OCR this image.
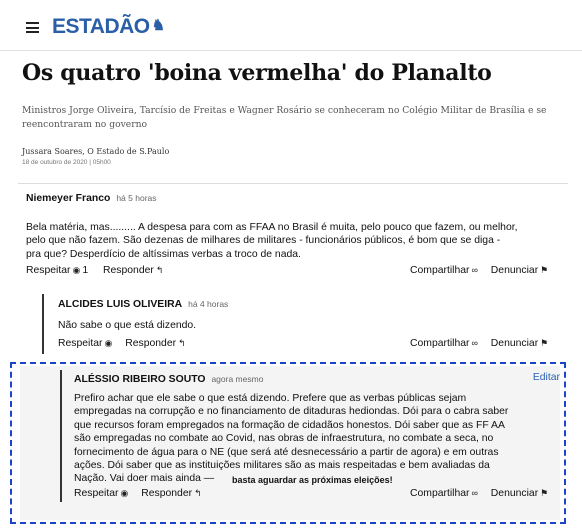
ESTADÃO ♞
Os quatro 'boina vermelha' do Planalto
Ministros Jorge Oliveira, Tarcísio de Freitas e Wagner Rosário se conheceram no Colégio Militar de Brasília e se reencontraram no governo
Jussara Soares, O Estado de S.Paulo
18 de outubro de 2020 | 05h00
Niemeyer Franco há 5 horas
Bela matéria, mas......... A despesa para com as FFAA no Brasil é muita, pelo pouco que fazem, ou melhor,
pelo que não fazem. São dezenas de milhares de militares - funcionários públicos, é bom que se diga -
pra que? Desperdício de altíssimas verbas a troco de nada.
Respeitar ◉ 1 Responder ↰	Compartilhar ∞ Denunciar ⚑
ALCIDES LUIS OLIVEIRA há 4 horas
Não sabe o que está dizendo.
Respeitar ◉ Responder ↰	Compartilhar ∞ Denunciar ⚑
ALÉSSIO RIBEIRO SOUTO agora mesmo	Editar
Prefiro achar que ele sabe o que está dizendo. Prefere que as verbas públicas sejam
empregadas na corrupção e no financiamento de ditaduras hediondas. Dói para o cabra saber
que recursos foram empregados na formação de cidadãos honestos. Dói saber que as FF AA
são empregadas no combate ao Covid, nas obras de infraestrutura, no combate a seca, no
fornecimento de água para o NE (que será até desnecessário a partir de agora) e em outras
ações. Dói saber que as instituições militares são as mais respeitadas e bem avaliadas da
Nação. Vai doer mais ainda —
Respeitar ◉ Responder ↰
basta aguardar as próximas eleições!
Compartilhar ∞ Denunciar ⚑
